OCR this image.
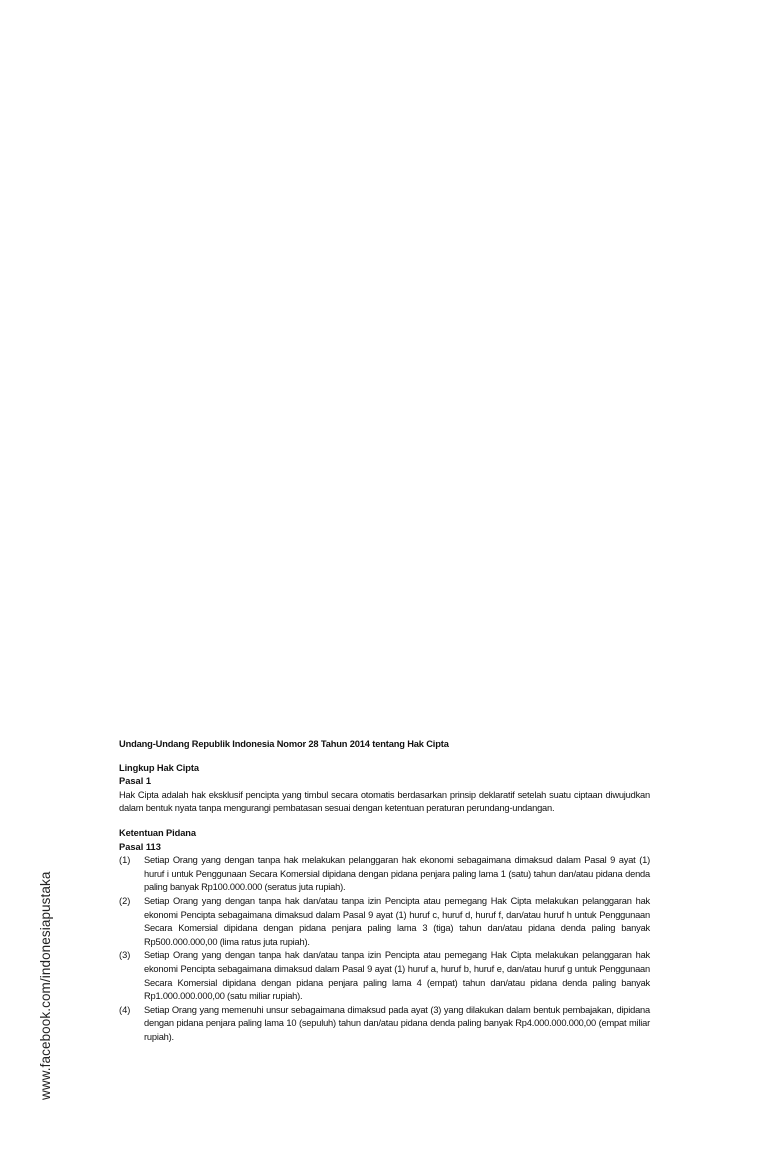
www.facebook.com/indonesiapustaka

Undang-Undang Republik Indonesia Nomor 28 Tahun 2014 tentang Hak Cipta

Lingkup Hak Cipta

Pasal 1

Hak Cipta adalah hak eksklusif pencipta yang timbul secara otomatis berdasarkan prinsip deklaratif setelah suatu ciptaan diwujudkan dalam bentuk nyata tanpa mengurangi pembatasan sesuai dengan ketentuan peraturan perundang-undangan.

Ketentuan Pidana

Pasal 113

(1)	Setiap Orang yang dengan tanpa hak melakukan pelanggaran hak ekonomi sebagaimana dimaksud dalam Pasal 9 ayat (1) huruf i untuk Penggunaan Secara Komersial dipidana dengan pidana penjara paling lama 1 (satu) tahun dan/atau pidana denda paling banyak Rp100.000.000 (seratus juta rupiah).
(2)	Setiap Orang yang dengan tanpa hak dan/atau tanpa izin Pencipta atau pemegang Hak Cipta melakukan pelanggaran hak ekonomi Pencipta sebagaimana dimaksud dalam Pasal 9 ayat (1) huruf c, huruf d, huruf f, dan/atau huruf h untuk Penggunaan Secara Komersial dipidana dengan pidana penjara paling lama 3 (tiga) tahun dan/atau pidana denda paling banyak Rp500.000.000,00 (lima ratus juta rupiah).
(3)	Setiap Orang yang dengan tanpa hak dan/atau tanpa izin Pencipta atau pemegang Hak Cipta melakukan pelanggaran hak ekonomi Pencipta sebagaimana dimaksud dalam Pasal 9 ayat (1) huruf a, huruf b, huruf e, dan/atau huruf g untuk Penggunaan Secara Komersial dipidana dengan pidana penjara paling lama 4 (empat) tahun dan/atau pidana denda paling banyak Rp1.000.000.000,00 (satu miliar rupiah).
(4)	Setiap Orang yang memenuhi unsur sebagaimana dimaksud pada ayat (3) yang dilakukan dalam bentuk pembajakan, dipidana dengan pidana penjara paling lama 10 (sepuluh) tahun dan/atau pidana denda paling banyak Rp4.000.000.000,00 (empat miliar rupiah).
